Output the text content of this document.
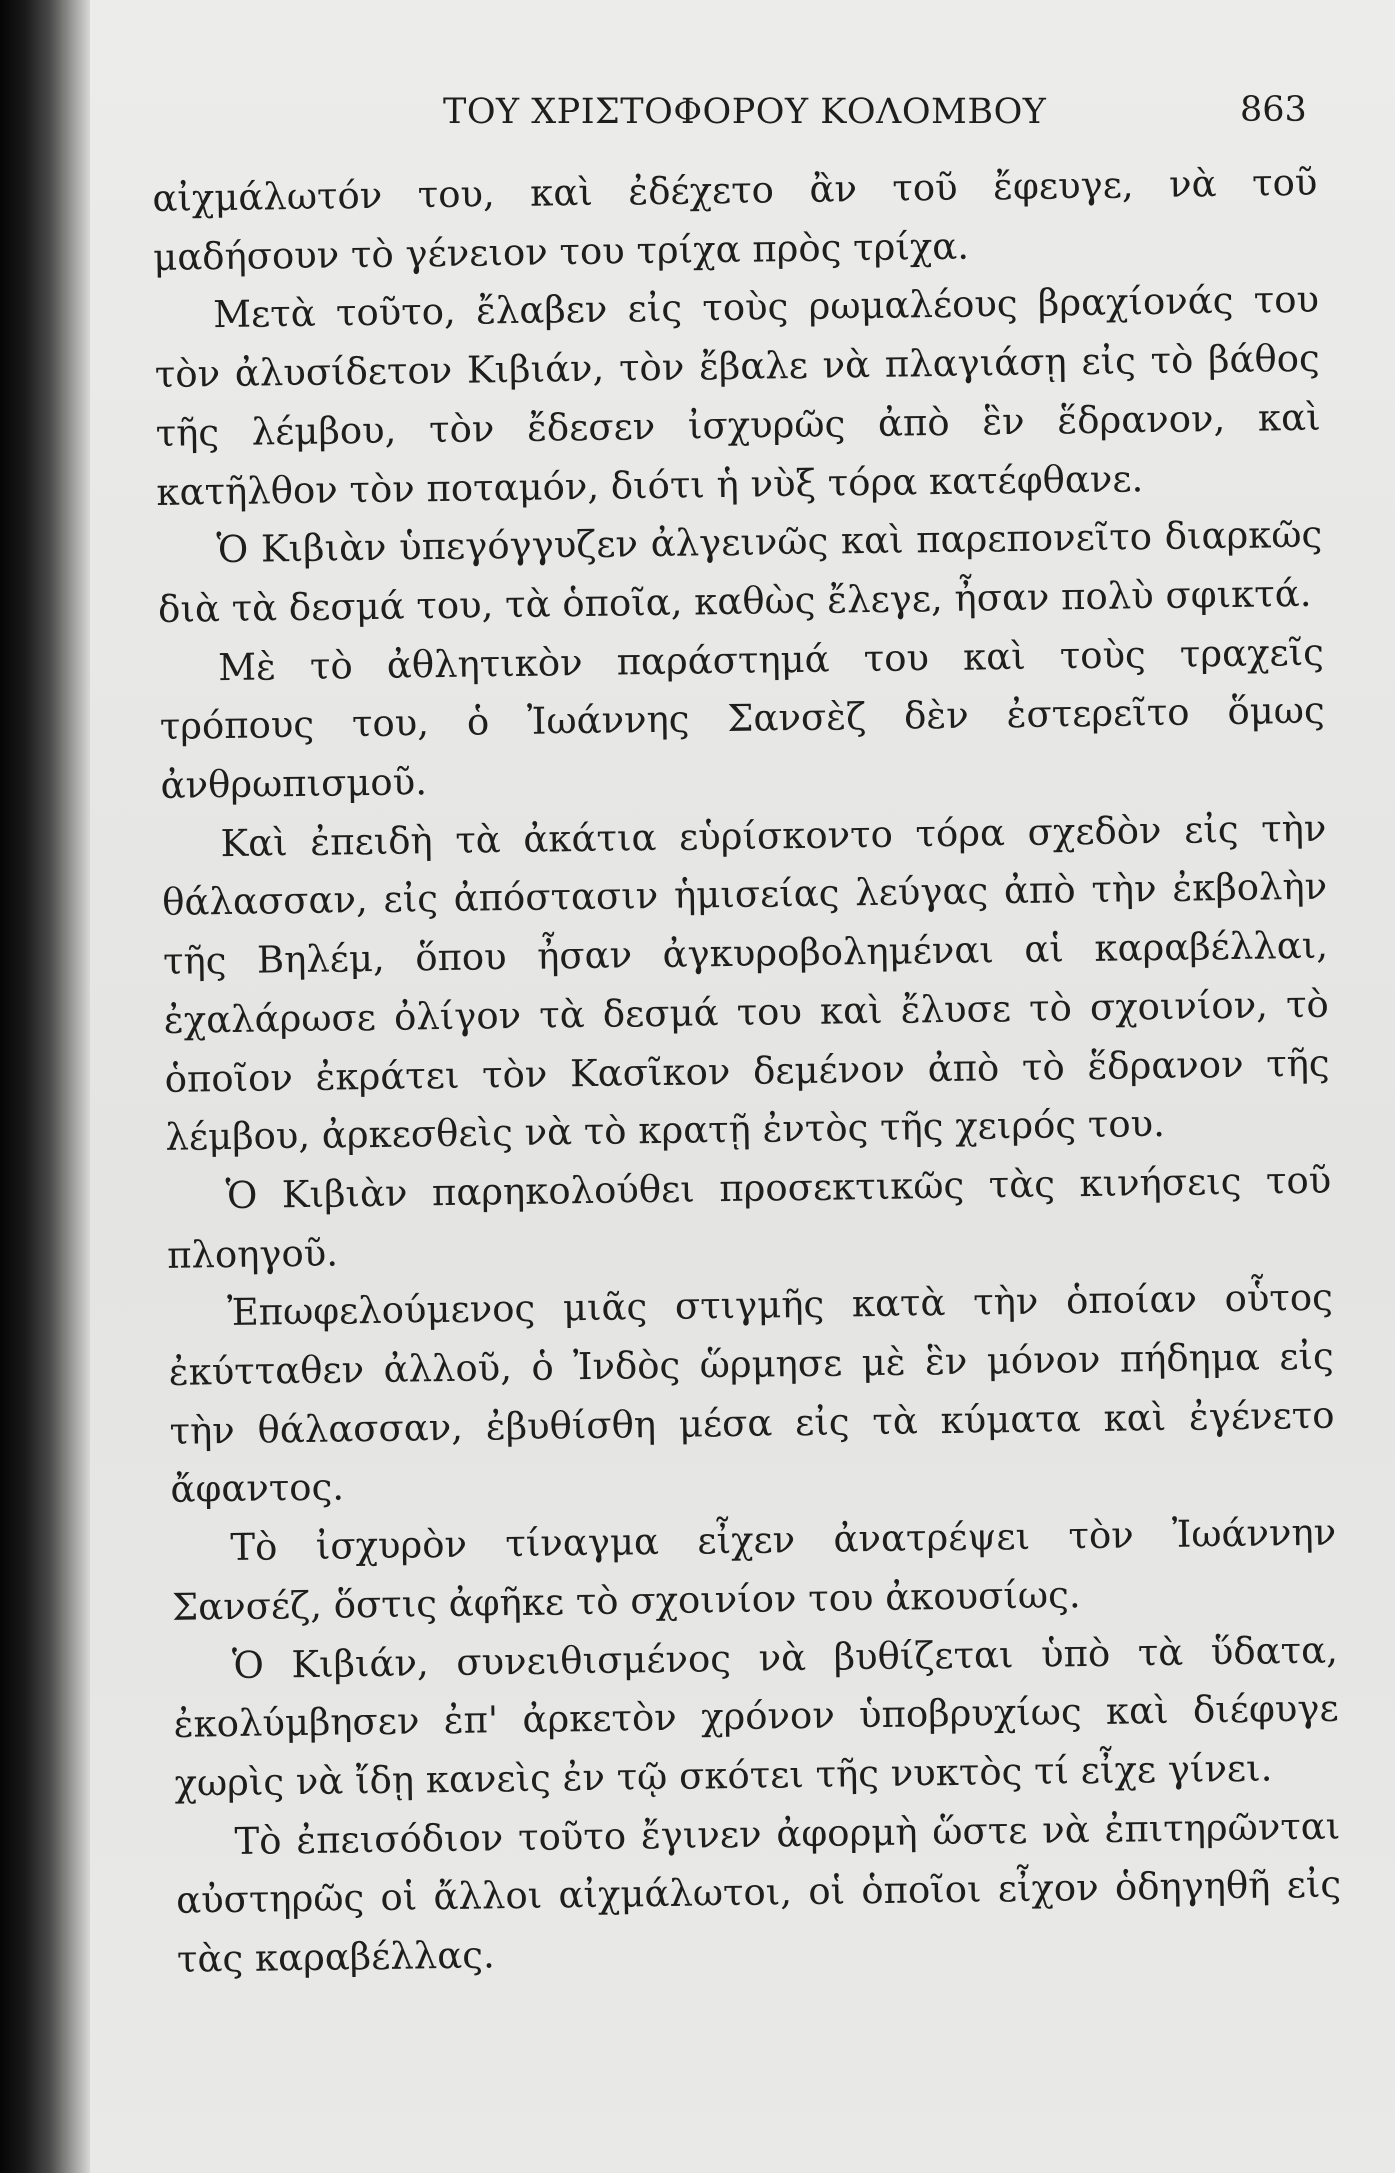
ΤΟΥ ΧΡΙΣΤΟΦΟΡΟΥ ΚΟΛΟΜΒΟΥ	863

αἰχμάλωτόν του, καὶ ἐδέχετο ἂν τοῦ ἔφευγε, νὰ τοῦ μαδήσουν τὸ γένειον του τρίχα πρὸς τρίχα.

Μετὰ τοῦτο, ἔλαβεν εἰς τοὺς ρωμαλέους βραχίονάς του τὸν ἀλυσίδετον Κιβιάν, τὸν ἔβαλε νὰ πλαγιάσῃ εἰς τὸ βάθος τῆς λέμβου, τὸν ἔδεσεν ἰσχυρῶς ἀπὸ ἓν ἕδρανον, καὶ κατῆλθον τὸν ποταμόν, διότι ἡ νὺξ τόρα κατέφθανε.

Ὁ Κιβιὰν ὑπεγόγγυζεν ἀλγεινῶς καὶ παρεπονεῖτο διαρκῶς διὰ τὰ δεσμά του, τὰ ὁποῖα, καθὼς ἔλεγε, ἦσαν πολὺ σφικτά.

Μὲ τὸ ἀθλητικὸν παράστημά του καὶ τοὺς τραχεῖς τρόπους του, ὁ Ἰωάννης Σανσὲζ δὲν ἐστερεῖτο ὅμως ἀνθρωπισμοῦ.

Καὶ ἐπειδὴ τὰ ἀκάτια εὑρίσκοντο τόρα σχεδὸν εἰς τὴν θάλασσαν, εἰς ἀπόστασιν ἡμισείας λεύγας ἀπὸ τὴν ἐκβολὴν τῆς Βηλέμ, ὅπου ἦσαν ἀγκυροβολημέναι αἱ καραβέλλαι, ἐχαλάρωσε ὀλίγον τὰ δεσμά του καὶ ἔλυσε τὸ σχοινίον, τὸ ὁποῖον ἐκράτει τὸν Κασῖκον δεμένον ἀπὸ τὸ ἕδρανον τῆς λέμβου, ἀρκεσθεὶς νὰ τὸ κρατῇ ἐντὸς τῆς χειρός του.

Ὁ Κιβιὰν παρηκολούθει προσεκτικῶς τὰς κινήσεις τοῦ πλοηγοῦ.

Ἐπωφελούμενος μιᾶς στιγμῆς κατὰ τὴν ὁποίαν οὗτος ἐκύτταθεν ἀλλοῦ, ὁ Ἰνδὸς ὥρμησε μὲ ἓν μόνον πήδημα εἰς τὴν θάλασσαν, ἐβυθίσθη μέσα εἰς τὰ κύματα καὶ ἐγένετο ἄφαντος.

Τὸ ἰσχυρὸν τίναγμα εἶχεν ἀνατρέψει τὸν Ἰωάννην Σανσέζ, ὅστις ἀφῆκε τὸ σχοινίον του ἀκουσίως.

Ὁ Κιβιάν, συνειθισμένος νὰ βυθίζεται ὑπὸ τὰ ὕδατα, ἐκολύμβησεν ἐπ' ἀρκετὸν χρόνον ὑποβρυχίως καὶ διέφυγε χωρὶς νὰ ἴδῃ κανεὶς ἐν τῷ σκότει τῆς νυκτὸς τί εἶχε γίνει.

Τὸ ἐπεισόδιον τοῦτο ἔγινεν ἀφορμὴ ὥστε νὰ ἐπιτηρῶνται αὐστηρῶς οἱ ἄλλοι αἰχμάλωτοι, οἱ ὁποῖοι εἶχον ὁδηγηθῆ εἰς τὰς καραβέλλας.
